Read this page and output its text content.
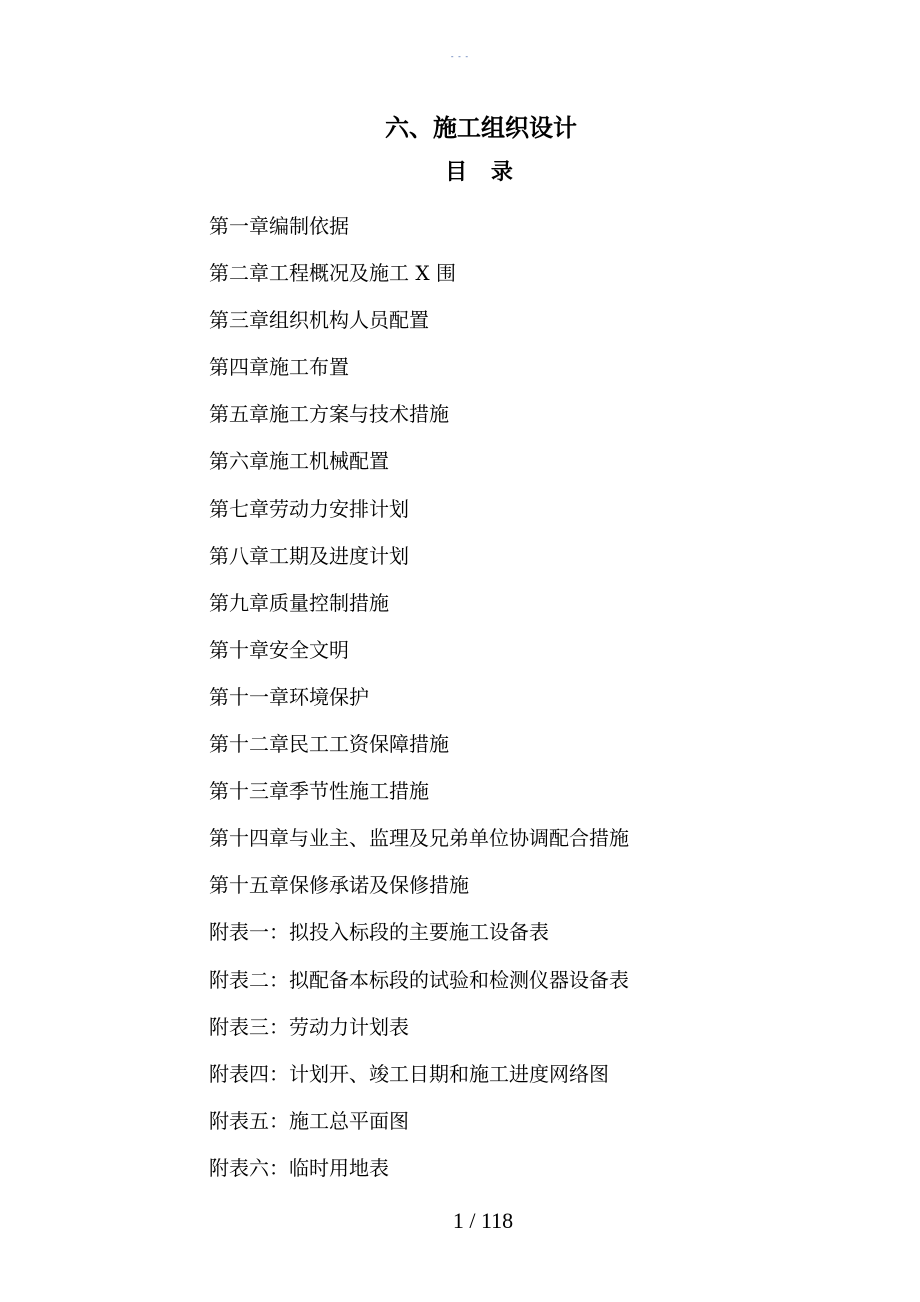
- - -
六、施工组织设计
目 录
第一章编制依据
第二章工程概况及施工 X 围
第三章组织机构人员配置
第四章施工布置
第五章施工方案与技术措施
第六章施工机械配置
第七章劳动力安排计划
第八章工期及进度计划
第九章质量控制措施
第十章安全文明
第十一章环境保护
第十二章民工工资保障措施
第十三章季节性施工措施
第十四章与业主、监理及兄弟单位协调配合措施
第十五章保修承诺及保修措施
附表一：拟投入标段的主要施工设备表
附表二：拟配备本标段的试验和检测仪器设备表
附表三：劳动力计划表
附表四：计划开、竣工日期和施工进度网络图
附表五：施工总平面图
附表六：临时用地表
1 / 118
